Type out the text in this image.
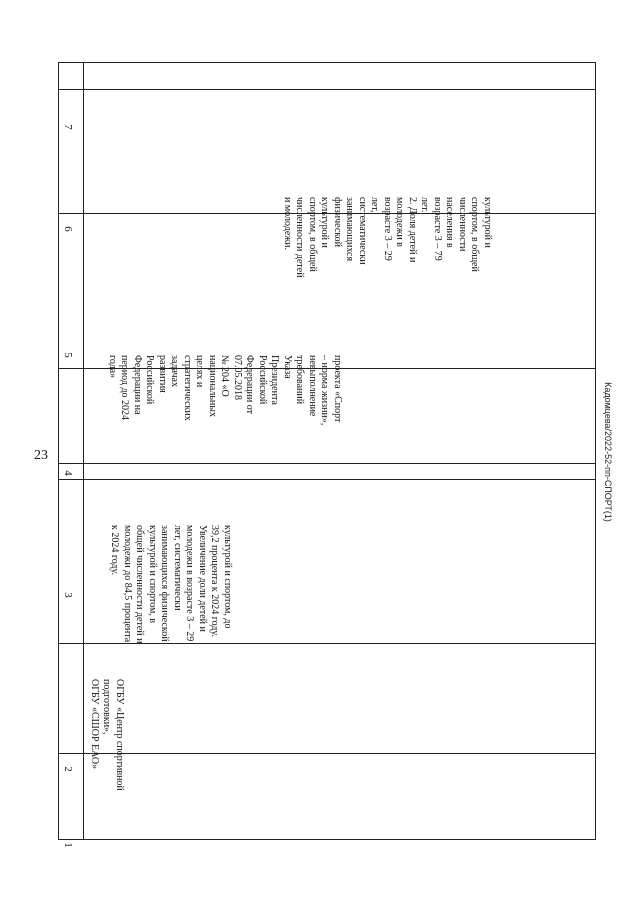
23	Кадомцева/2022-52-пп-СПОРТ(1)
1
2
3
4
5
6
7
ОГБУ «Центр спортивной
подготовки»,
ОГБУ «СШОР ЕАО»
культурой и спортом, до
39,2 процента к 2024 году.
Увеличение доли детей и
молодежи в возрасте 3 – 29
лет, систематически
занимающихся физической
культурой и спортом, в
общей численности детей и
молодежи до 84,5 процента
к 2024 году.
проекта «Спорт
– норма жизни»,
невыполнение
требований
Указа
Президента
Российской
Федерации от
07.05.2018
№ 204 «О
национальных
целях и
стратегических
задачах
развития
Российской
Федерации на
период до 2024
года»
культурой и
спортом, в общей
численности
населения в
возрасте 3 – 79
лет.
2. Доля детей и
молодежи в
возрасте 3 – 29
лет,
систематически
занимающихся
физической
культурой и
спортом, в общей
численности детей
и молодежи.
